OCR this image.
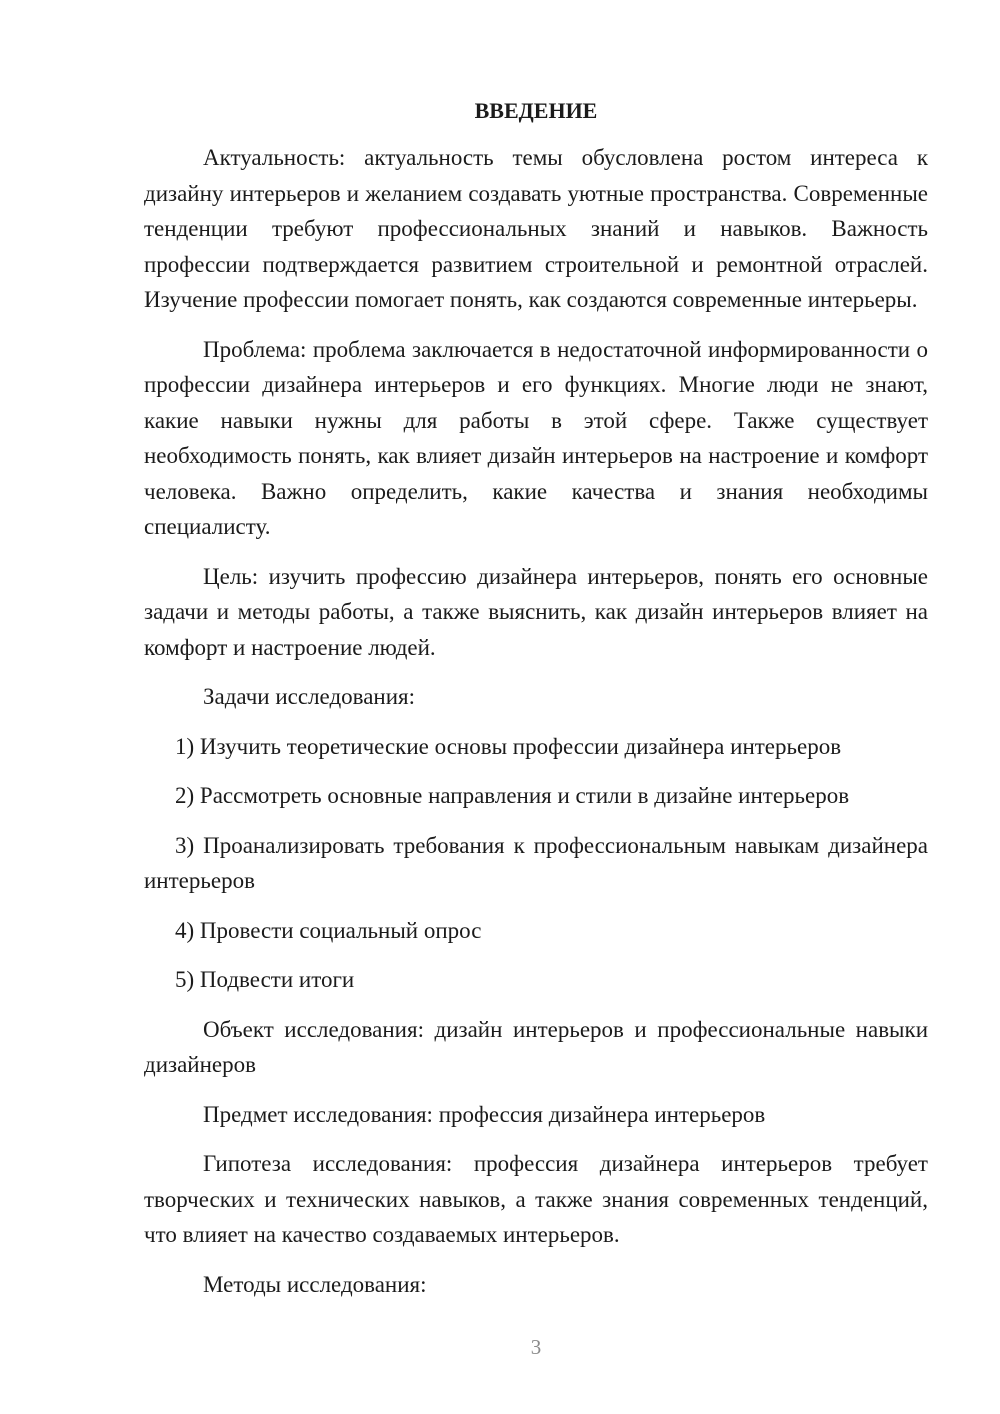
ВВЕДЕНИЕ

Актуальность: актуальность темы обусловлена ростом интереса к дизайну интерьеров и желанием создавать уютные пространства. Современные тенденции требуют профессиональных знаний и навыков. Важность профессии подтверждается развитием строительной и ремонтной отраслей. Изучение профессии помогает понять, как создаются современные интерьеры.

Проблема: проблема заключается в недостаточной информированности о профессии дизайнера интерьеров и его функциях. Многие люди не знают, какие навыки нужны для работы в этой сфере. Также существует необходимость понять, как влияет дизайн интерьеров на настроение и комфорт человека. Важно определить, какие качества и знания необходимы специалисту.

Цель: изучить профессию дизайнера интерьеров, понять его основные задачи и методы работы, а также выяснить, как дизайн интерьеров влияет на комфорт и настроение людей.

Задачи исследования:

1) Изучить теоретические основы профессии дизайнера интерьеров

2) Рассмотреть основные направления и стили в дизайне интерьеров

3) Проанализировать требования к профессиональным навыкам дизайнера интерьеров

4) Провести социальный опрос

5) Подвести итоги

Объект исследования: дизайн интерьеров и профессиональные навыки дизайнеров

Предмет исследования: профессия дизайнера интерьеров

Гипотеза исследования: профессия дизайнера интерьеров требует творческих и технических навыков, а также знания современных тенденций, что влияет на качество создаваемых интерьеров.

Методы исследования:

3
